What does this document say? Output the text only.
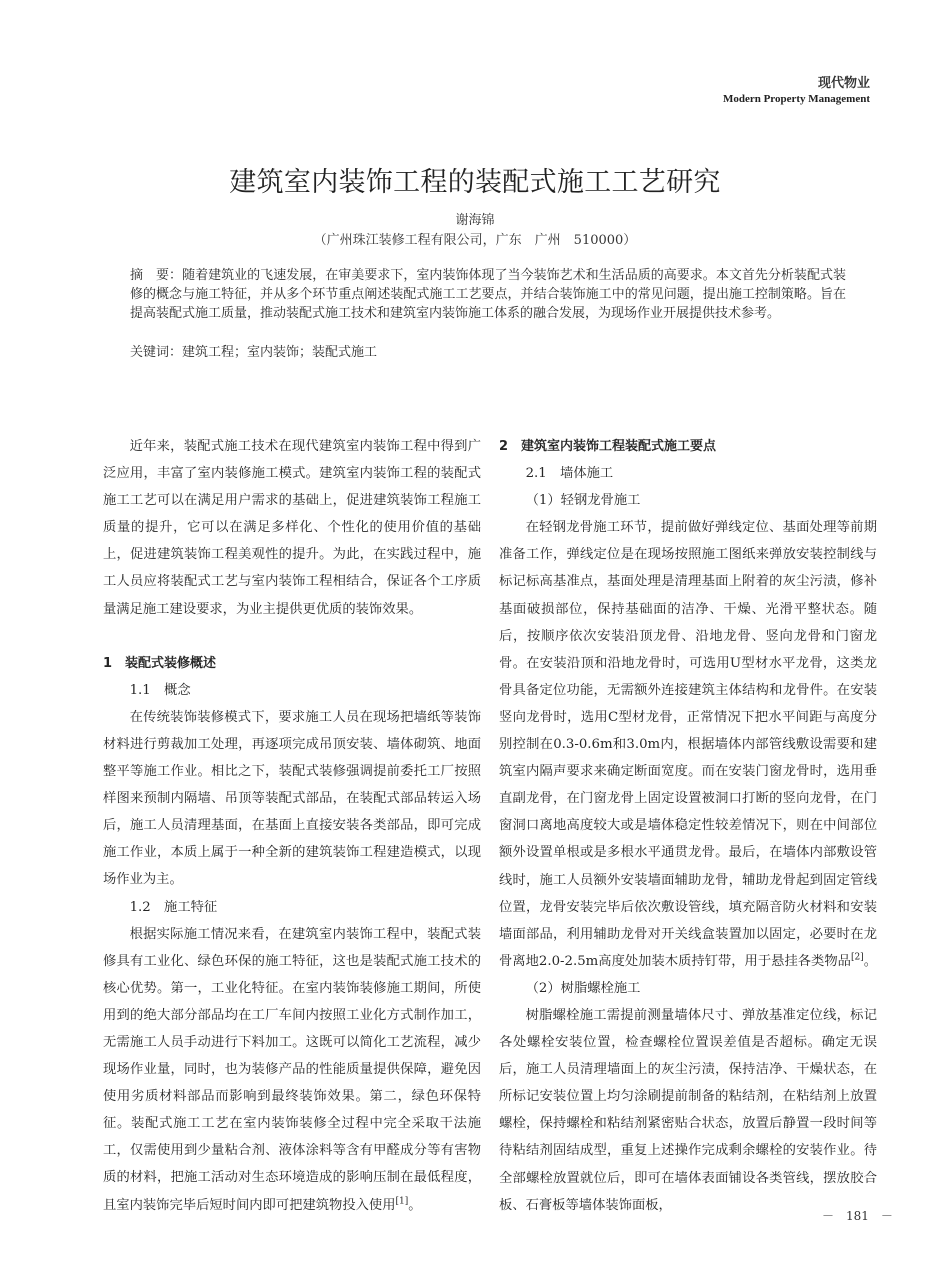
现代物业
Modern Property Management
建筑室内装饰工程的装配式施工工艺研究
谢海锦
（广州珠江装修工程有限公司，广东　广州　510000）
摘　要：随着建筑业的飞速发展，在审美要求下，室内装饰体现了当今装饰艺术和生活品质的高要求。本文首先分析装配式装修的概念与施工特征，并从多个环节重点阐述装配式施工工艺要点，并结合装饰施工中的常见问题，提出施工控制策略。旨在提高装配式施工质量，推动装配式施工技术和建筑室内装饰施工体系的融合发展，为现场作业开展提供技术参考。
关键词：建筑工程；室内装饰；装配式施工

近年来，装配式施工技术在现代建筑室内装饰工程中得到广泛应用，丰富了室内装修施工模式。建筑室内装饰工程的装配式施工工艺可以在满足用户需求的基础上，促进建筑装饰工程施工质量的提升，它可以在满足多样化、个性化的使用价值的基础上，促进建筑装饰工程美观性的提升。为此，在实践过程中，施工人员应将装配式工艺与室内装饰工程相结合，保证各个工序质量满足施工建设要求，为业主提供更优质的装饰效果。

1　装配式装修概述
1.1　概念

在传统装饰装修模式下，要求施工人员在现场把墙纸等装饰材料进行剪裁加工处理，再逐项完成吊顶安装、墙体砌筑、地面整平等施工作业。相比之下，装配式装修强调提前委托工厂按照样图来预制内隔墙、吊顶等装配式部品，在装配式部品转运入场后，施工人员清理基面，在基面上直接安装各类部品，即可完成施工作业，本质上属于一种全新的建筑装饰工程建造模式，以现场作业为主。

1.2　施工特征

根据实际施工情况来看，在建筑室内装饰工程中，装配式装修具有工业化、绿色环保的施工特征，这也是装配式施工技术的核心优势。第一，工业化特征。在室内装饰装修施工期间，所使用到的绝大部分部品均在工厂车间内按照工业化方式制作加工，无需施工人员手动进行下料加工。这既可以简化工艺流程，减少现场作业量，同时，也为装修产品的性能质量提供保障，避免因使用劣质材料部品而影响到最终装饰效果。第二，绿色环保特征。装配式施工工艺在室内装饰装修全过程中完全采取干法施工，仅需使用到少量粘合剂、液体涂料等含有甲醛成分等有害物质的材料，把施工活动对生态环境造成的影响压制在最低程度，且室内装饰完毕后短时间内即可把建筑物投入使用[1]。

2　建筑室内装饰工程装配式施工要点
2.1　墙体施工
（1）轻钢龙骨施工

在轻钢龙骨施工环节，提前做好弹线定位、基面处理等前期准备工作，弹线定位是在现场按照施工图纸来弹放安装控制线与标记标高基准点，基面处理是清理基面上附着的灰尘污渍，修补基面破损部位，保持基础面的洁净、干燥、光滑平整状态。随后，按顺序依次安装沿顶龙骨、沿地龙骨、竖向龙骨和门窗龙骨。在安装沿顶和沿地龙骨时，可选用U型材水平龙骨，这类龙骨具备定位功能，无需额外连接建筑主体结构和龙骨件。在安装竖向龙骨时，选用C型材龙骨，正常情况下把水平间距与高度分别控制在0.3-0.6m和3.0m内，根据墙体内部管线敷设需要和建筑室内隔声要求来确定断面宽度。而在安装门窗龙骨时，选用垂直副龙骨，在门窗龙骨上固定设置被洞口打断的竖向龙骨，在门窗洞口离地高度较大或是墙体稳定性较差情况下，则在中间部位额外设置单根或是多根水平通贯龙骨。最后，在墙体内部敷设管线时，施工人员额外安装墙面辅助龙骨，辅助龙骨起到固定管线位置，龙骨安装完毕后依次敷设管线，填充隔音防火材料和安装墙面部品，利用辅助龙骨对开关线盒装置加以固定，必要时在龙骨离地2.0-2.5m高度处加装木质持钉带，用于悬挂各类物品[2]。

（2）树脂螺栓施工

树脂螺栓施工需提前测量墙体尺寸、弹放基准定位线，标记各处螺栓安装位置，检查螺栓位置误差值是否超标。确定无误后，施工人员清理墙面上的灰尘污渍，保持洁净、干燥状态，在所标记安装位置上均匀涂刷提前制备的粘结剂，在粘结剂上放置螺栓，保持螺栓和粘结剂紧密贴合状态，放置后静置一段时间等待粘结剂固结成型，重复上述操作完成剩余螺栓的安装作业。待全部螺栓放置就位后，即可在墙体表面铺设各类管线，摆放胶合板、石膏板等墙体装饰面板，

－　181　－
